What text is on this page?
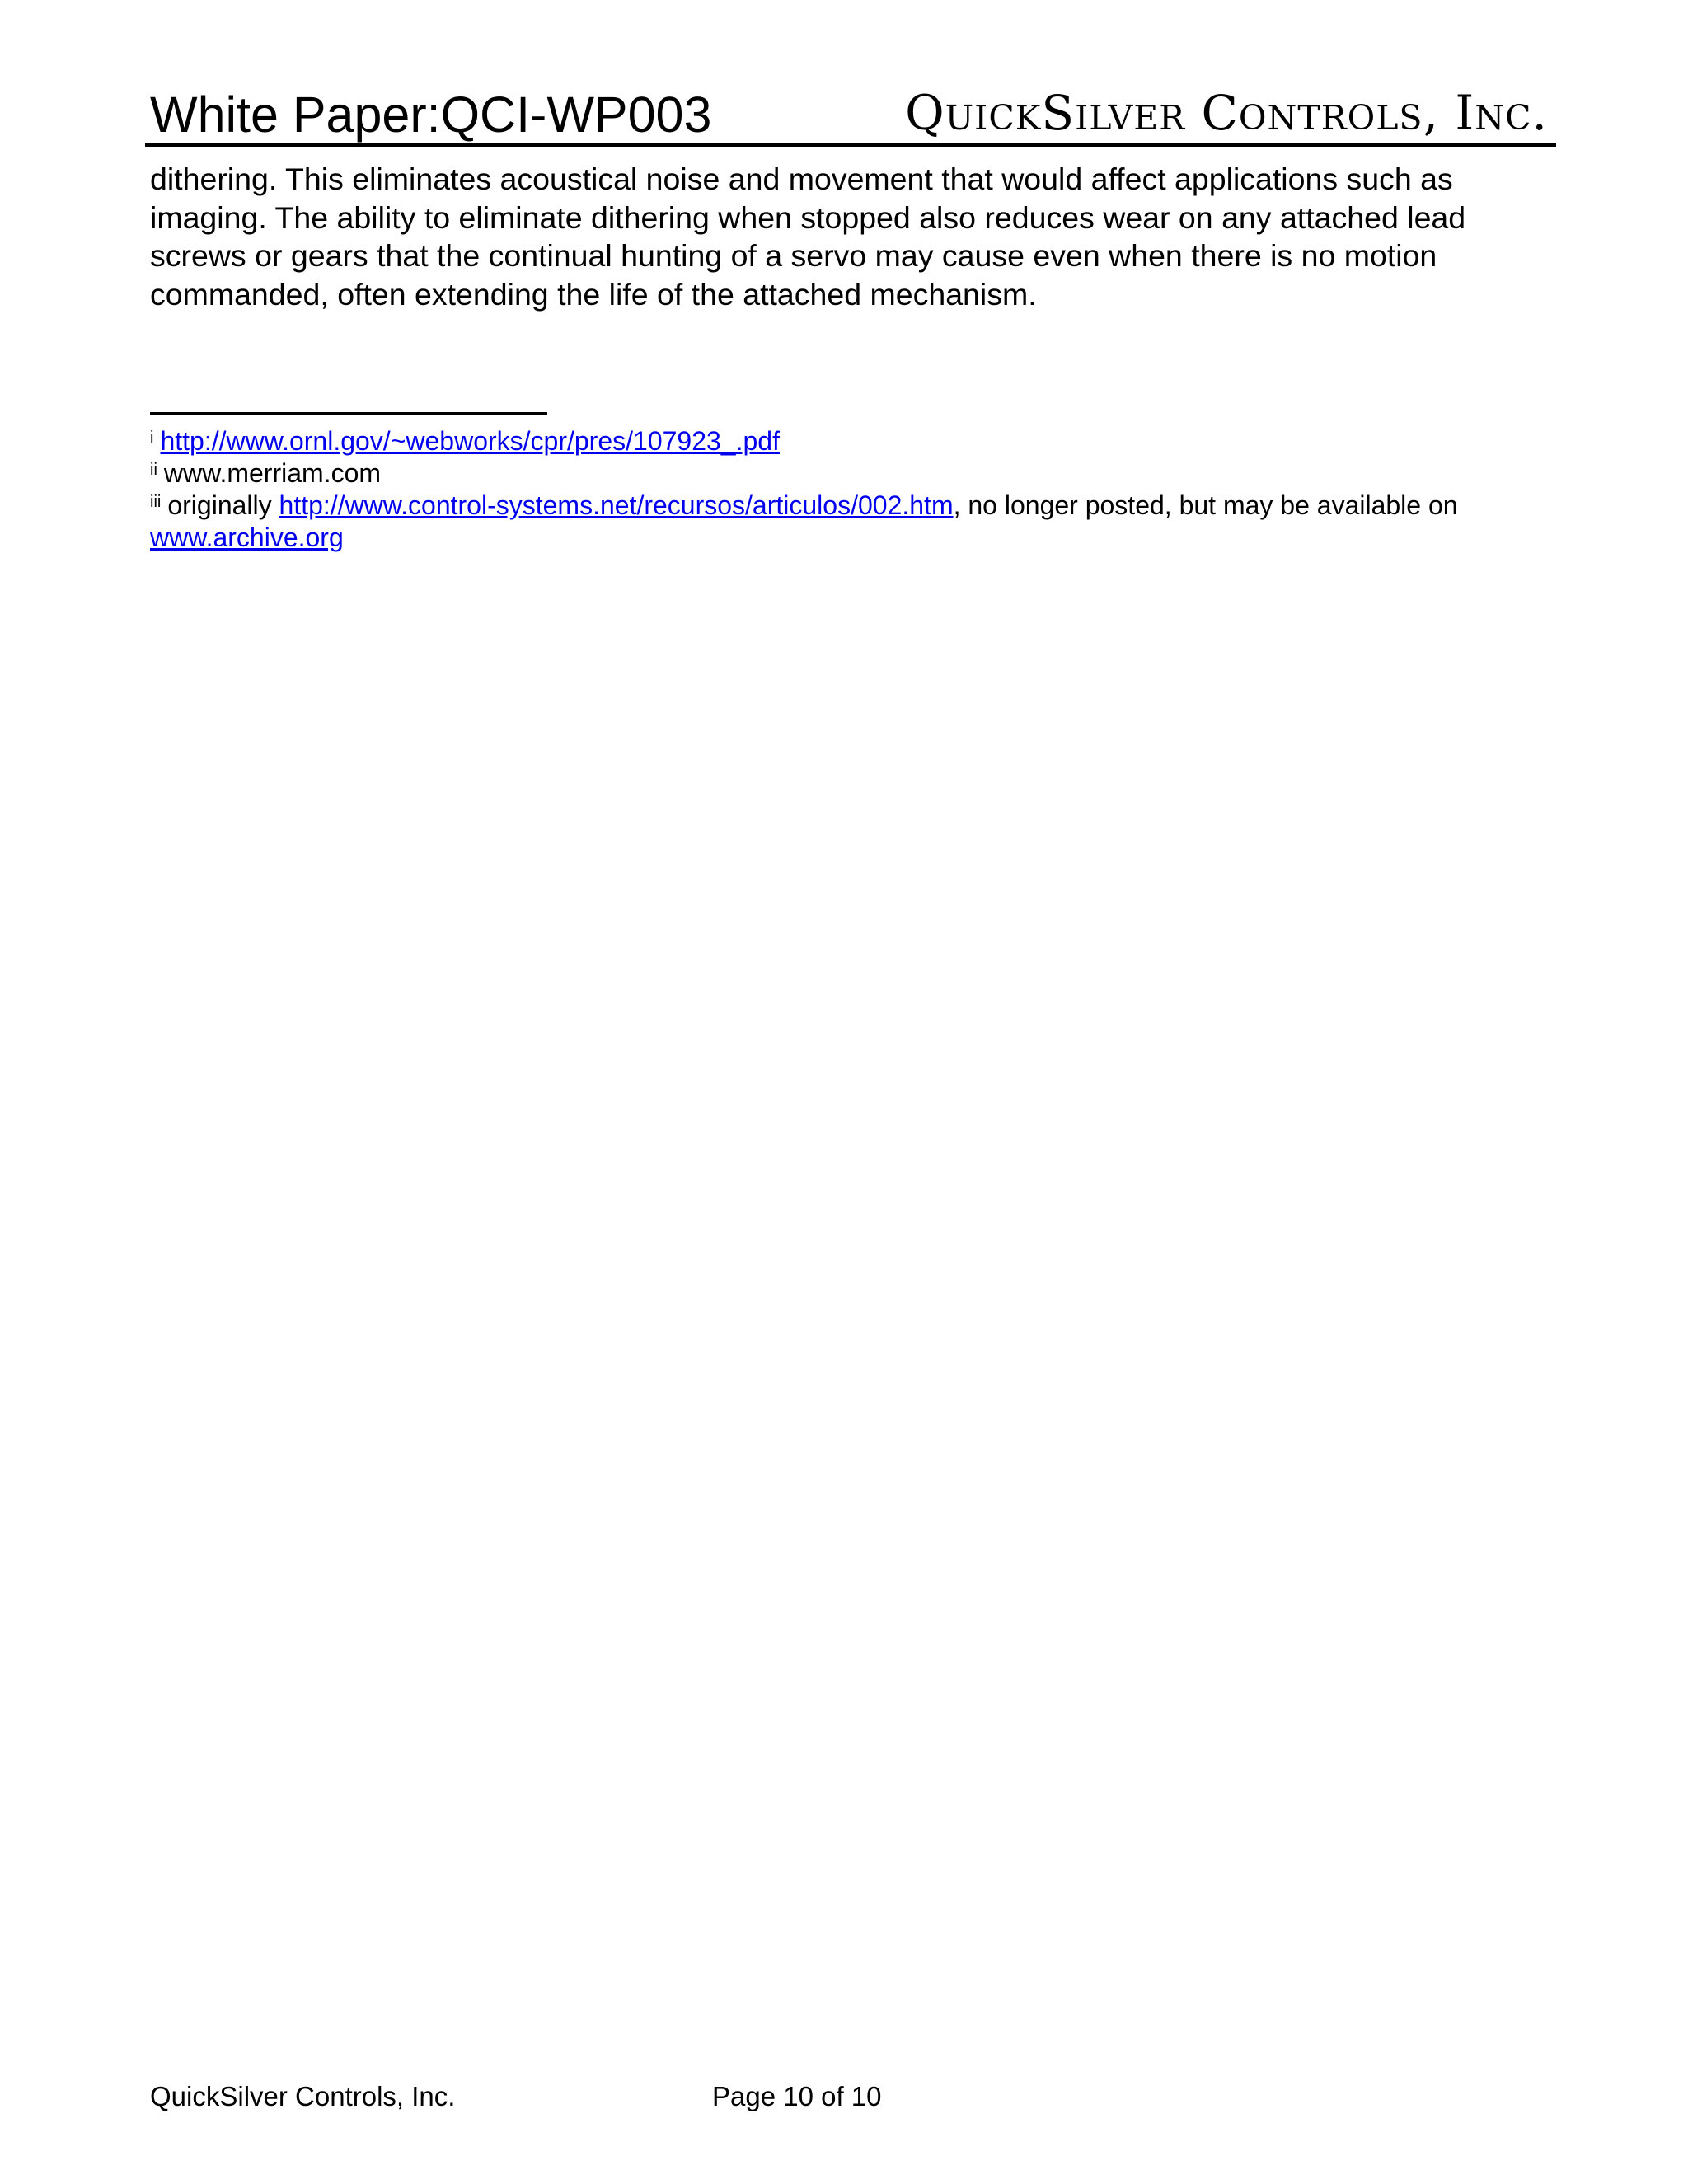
White Paper:QCI-WP003	QuickSilver Controls, Inc.

dithering. This eliminates acoustical noise and movement that would affect applications such as imaging. The ability to eliminate dithering when stopped also reduces wear on any attached lead screws or gears that the continual hunting of a servo may cause even when there is no motion commanded, often extending the life of the attached mechanism.

$^i$ http://www.ornl.gov/~webworks/cpr/pres/107923_.pdf

$^{ii}$ www.merriam.com

$^{iii}$ originally http://www.control-systems.net/recursos/articulos/002.htm, no longer posted, but may be available on

www.archive.org

QuickSilver Controls, Inc.	Page 10 of 10
